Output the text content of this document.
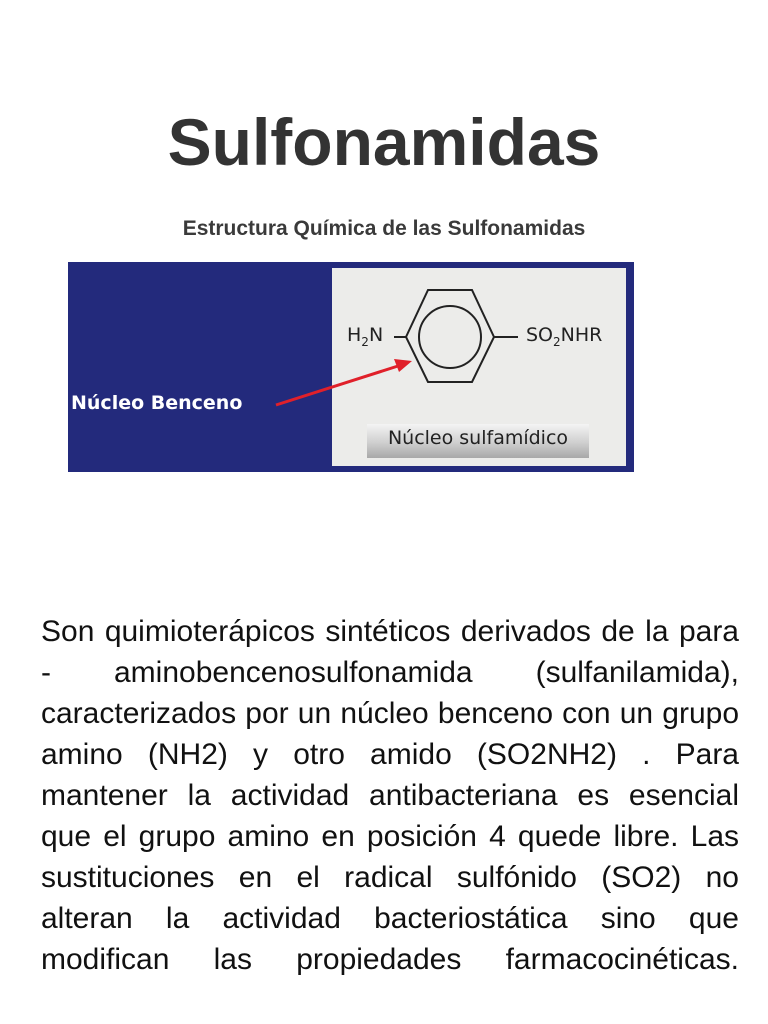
Sulfonamidas
Estructura Química de las Sulfonamidas
Núcleo Benceno
$H_2N$	$SO_2NHR$
Núcleo sulfamídico
Son quimioterápicos sintéticos derivados de la para - aminobencenosulfonamida (sulfanilamida), caracterizados por un núcleo benceno con un grupo amino (NH2) y otro amido (SO2NH2) . Para mantener la actividad antibacteriana es esencial que el grupo amino en posición 4 quede libre. Las sustituciones en el radical sulfónido (SO2) no alteran la actividad bacteriostática sino que modifican las propiedades farmacocinéticas.
